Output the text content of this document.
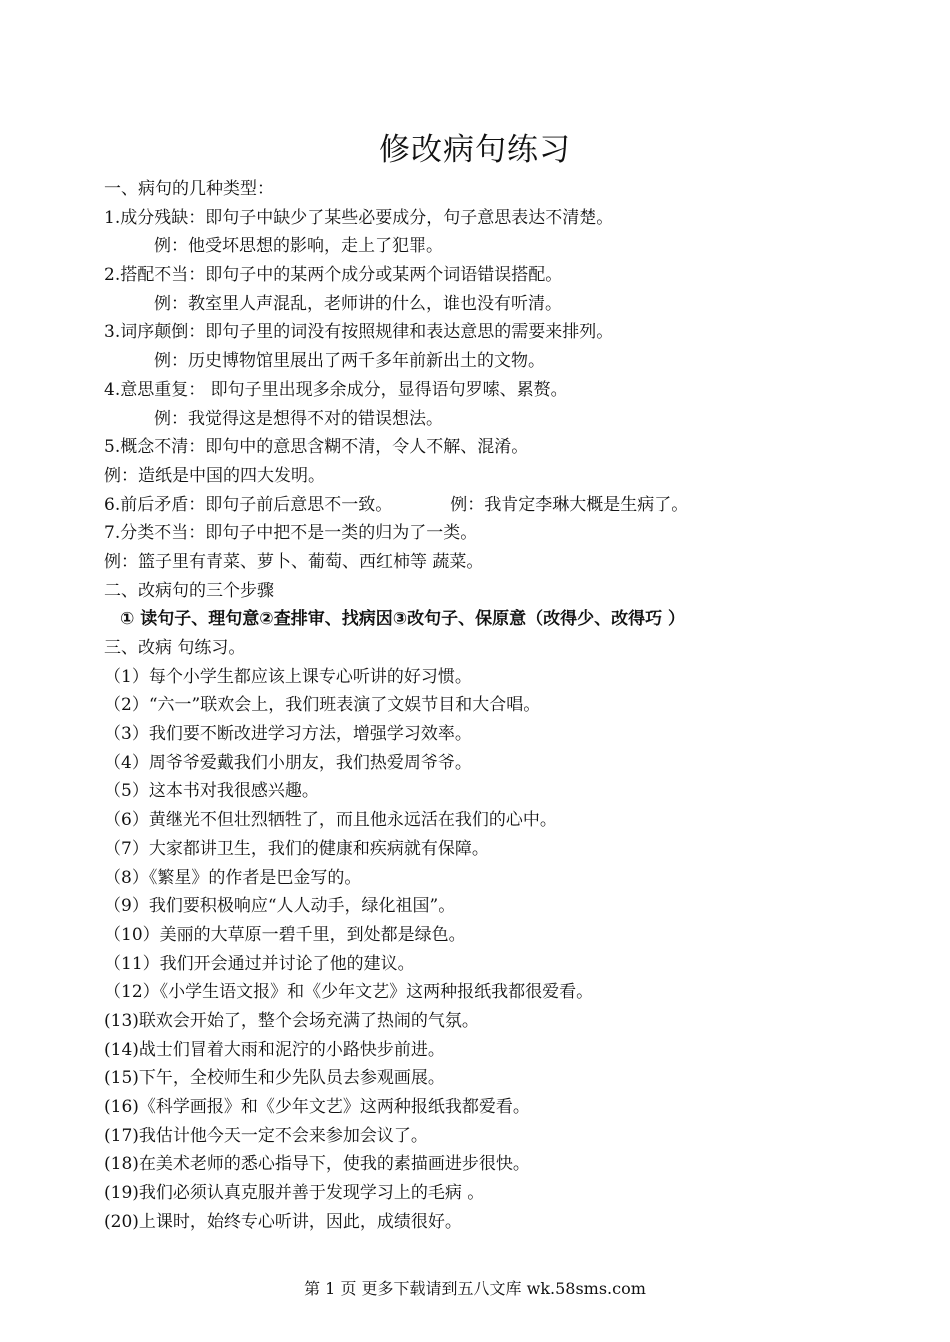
修改病句练习
一、病句的几种类型：
1.成分残缺：即句子中缺少了某些必要成分，句子意思表达不清楚。
例：他受坏思想的影响，走上了犯罪。
2.搭配不当：即句子中的某两个成分或某两个词语错误搭配。
例：教室里人声混乱，老师讲的什么，谁也没有听清。
3.词序颠倒：即句子里的词没有按照规律和表达意思的需要来排列。
例：历史博物馆里展出了两千多年前新出土的文物。
4.意思重复： 即句子里出现多余成分，显得语句罗嗦、累赘。
例：我觉得这是想得不对的错误想法。
5.概念不清：即句中的意思含糊不清，令人不解、混淆。
例：造纸是中国的四大发明。
6.前后矛盾：即句子前后意思不一致。	例：我肯定李琳大概是生病了。
7.分类不当：即句子中把不是一类的归为了一类。
例：篮子里有青菜、萝卜、葡萄、西红柿等 蔬菜。
二、改病句的三个步骤
① 读句子、理句意②查排审、找病因③改句子、保原意（改得少、改得巧 ）
三、改病 句练习。
（1）每个小学生都应该上课专心听讲的好习惯。
（2）“六一”联欢会上，我们班表演了文娱节目和大合唱。
（3）我们要不断改进学习方法，增强学习效率。
（4）周爷爷爱戴我们小朋友，我们热爱周爷爷。
（5）这本书对我很感兴趣。
（6）黄继光不但壮烈牺牲了，而且他永远活在我们的心中。
（7）大家都讲卫生，我们的健康和疾病就有保障。
（8）《繁星》的作者是巴金写的。
（9）我们要积极响应“人人动手，绿化祖国”。
（10）美丽的大草原一碧千里，到处都是绿色。
（11）我们开会通过并讨论了他的建议。
（12）《小学生语文报》和《少年文艺》这两种报纸我都很爱看。
(13)联欢会开始了，整个会场充满了热闹的气氛。
(14)战士们冒着大雨和泥泞的小路快步前进。
(15)下午，全校师生和少先队员去参观画展。
(16)《科学画报》和《少年文艺》这两种报纸我都爱看。
(17)我估计他今天一定不会来参加会议了。
(18)在美术老师的悉心指导下，使我的素描画进步很快。
(19)我们必须认真克服并善于发现学习上的毛病 。
(20)上课时，始终专心听讲，因此，成绩很好。
第 1 页 更多下载请到五八文库 wk.58sms.com
